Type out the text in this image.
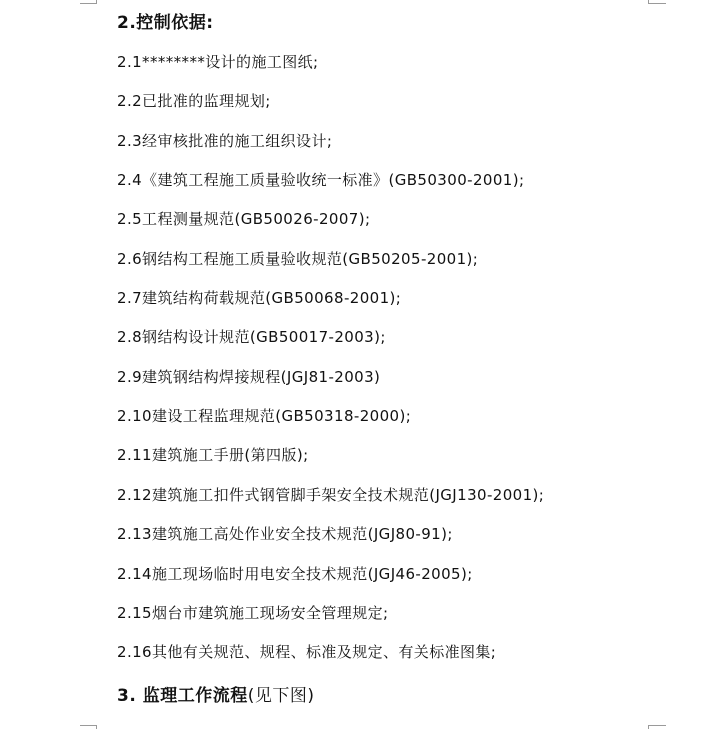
2.控制依据:
2.1********设计的施工图纸;
2.2已批准的监理规划;
2.3经审核批准的施工组织设计;
2.4《建筑工程施工质量验收统一标准》(GB50300-2001);
2.5工程测量规范(GB50026-2007);
2.6钢结构工程施工质量验收规范(GB50205-2001);
2.7建筑结构荷载规范(GB50068-2001);
2.8钢结构设计规范(GB50017-2003);
2.9建筑钢结构焊接规程(JGJ81-2003)
2.10建设工程监理规范(GB50318-2000);
2.11建筑施工手册(第四版);
2.12建筑施工扣件式钢管脚手架安全技术规范(JGJ130-2001);
2.13建筑施工高处作业安全技术规范(JGJ80-91);
2.14施工现场临时用电安全技术规范(JGJ46-2005);
2.15烟台市建筑施工现场安全管理规定;
2.16其他有关规范、规程、标准及规定、有关标准图集;
3. 监理工作流程(见下图)
